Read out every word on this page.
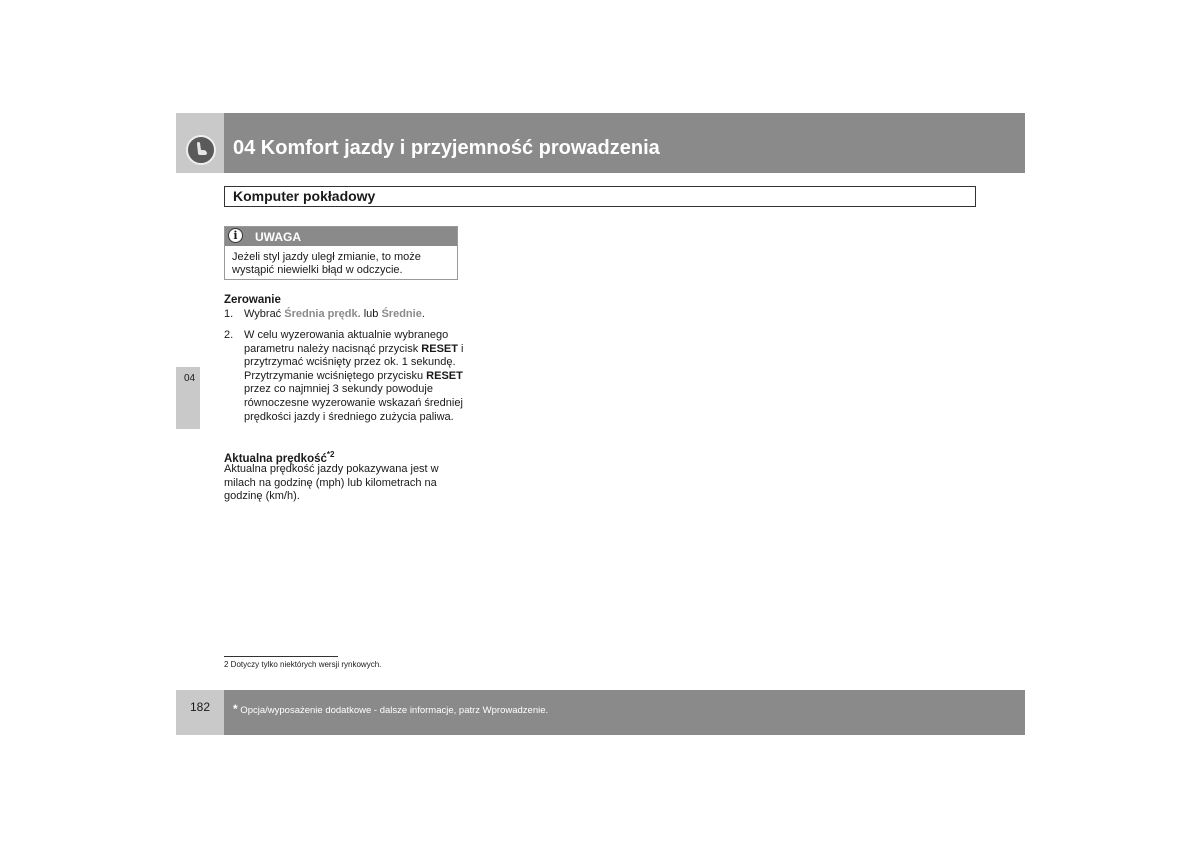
04 Komfort jazdy i przyjemność prowadzenia
Komputer pokładowy
i	UWAGA
Jeżeli styl jazdy uległ zmianie, to może wystąpić niewielki błąd w odczycie.
04
Zerowanie
1. Wybrać Średnia prędk. lub Średnie.
2. W celu wyzerowania aktualnie wybranego parametru należy nacisnąć przycisk RESET i przytrzymać wciśnięty przez ok. 1 sekundę. Przytrzymanie wciśniętego przycisku RESET przez co najmniej 3 sekundy powoduje równoczesne wyzerowanie wskazań średniej prędkości jazdy i średniego zużycia paliwa.
Aktualna prędkość$^{*2}$
Aktualna prędkość jazdy pokazywana jest w milach na godzinę (mph) lub kilometrach na godzinę (km/h).
2 Dotyczy tylko niektórych wersji rynkowych.
182 * Opcja/wyposażenie dodatkowe - dalsze informacje, patrz Wprowadzenie.
